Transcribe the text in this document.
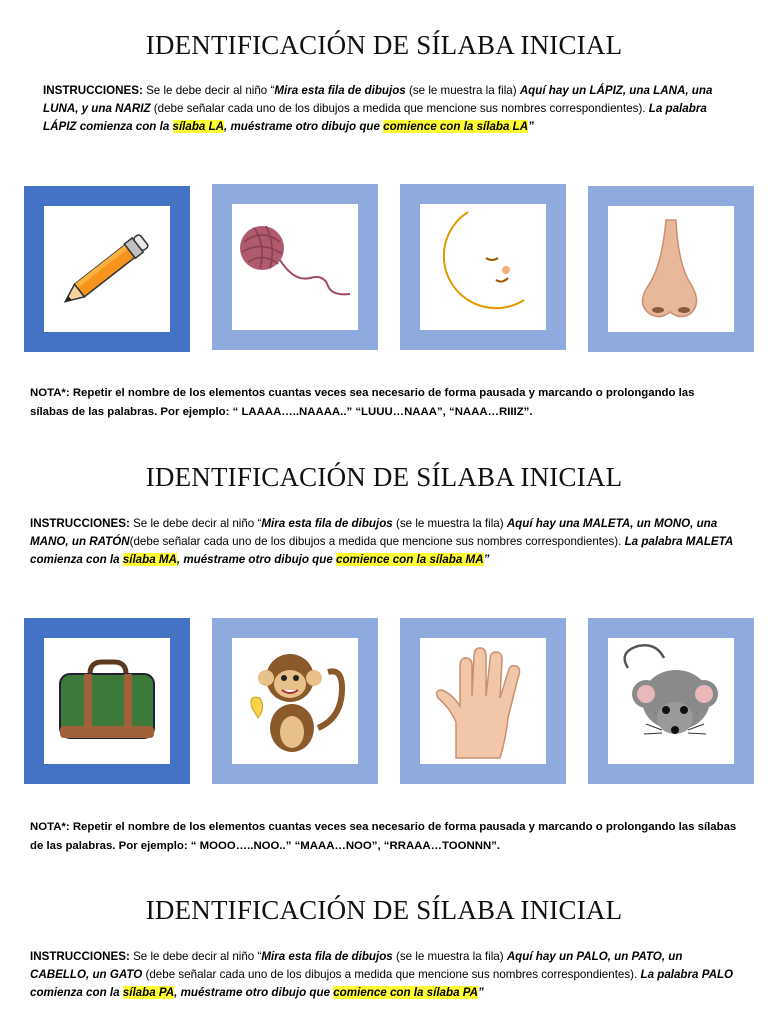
IDENTIFICACIÓN DE SÍLABA INICIAL
INSTRUCCIONES: Se le debe decir al niño “Mira esta fila de dibujos (se le muestra la fila) Aquí hay un LÁPIZ, una LANA, una LUNA, y una NARIZ (debe señalar cada uno de los dibujos a medida que mencione sus nombres correspondientes). La palabra LÁPIZ comienza con la sílaba LA, muéstrame otro dibujo que comience con la sílaba LA”
NOTA*: Repetir el nombre de los elementos cuantas veces sea necesario de forma pausada y marcando o prolongando las sílabas de las palabras. Por ejemplo: “ LAAAA…..NAAAA..” “LUUU…NAAA”, “NAAA…RIIIZ”.
IDENTIFICACIÓN DE SÍLABA INICIAL
INSTRUCCIONES: Se le debe decir al niño “Mira esta fila de dibujos (se le muestra la fila) Aquí hay una MALETA, un MONO, una MANO, un RATÓN(debe señalar cada uno de los dibujos a medida que mencione sus nombres correspondientes). La palabra MALETA comienza con la sílaba MA, muéstrame otro dibujo que comience con la sílaba MA”
NOTA*: Repetir el nombre de los elementos cuantas veces sea necesario de forma pausada y marcando o prolongando las sílabas de las palabras. Por ejemplo: “ MOOO…..NOO..” “MAAA…NOO”, “RRAAA…TOONNN”.
IDENTIFICACIÓN DE SÍLABA INICIAL
INSTRUCCIONES: Se le debe decir al niño “Mira esta fila de dibujos (se le muestra la fila) Aquí hay un PALO, un PATO, un CABELLO, un GATO (debe señalar cada uno de los dibujos a medida que mencione sus nombres correspondientes). La palabra PALO comienza con la sílaba PA, muéstrame otro dibujo que comience con la sílaba PA”
